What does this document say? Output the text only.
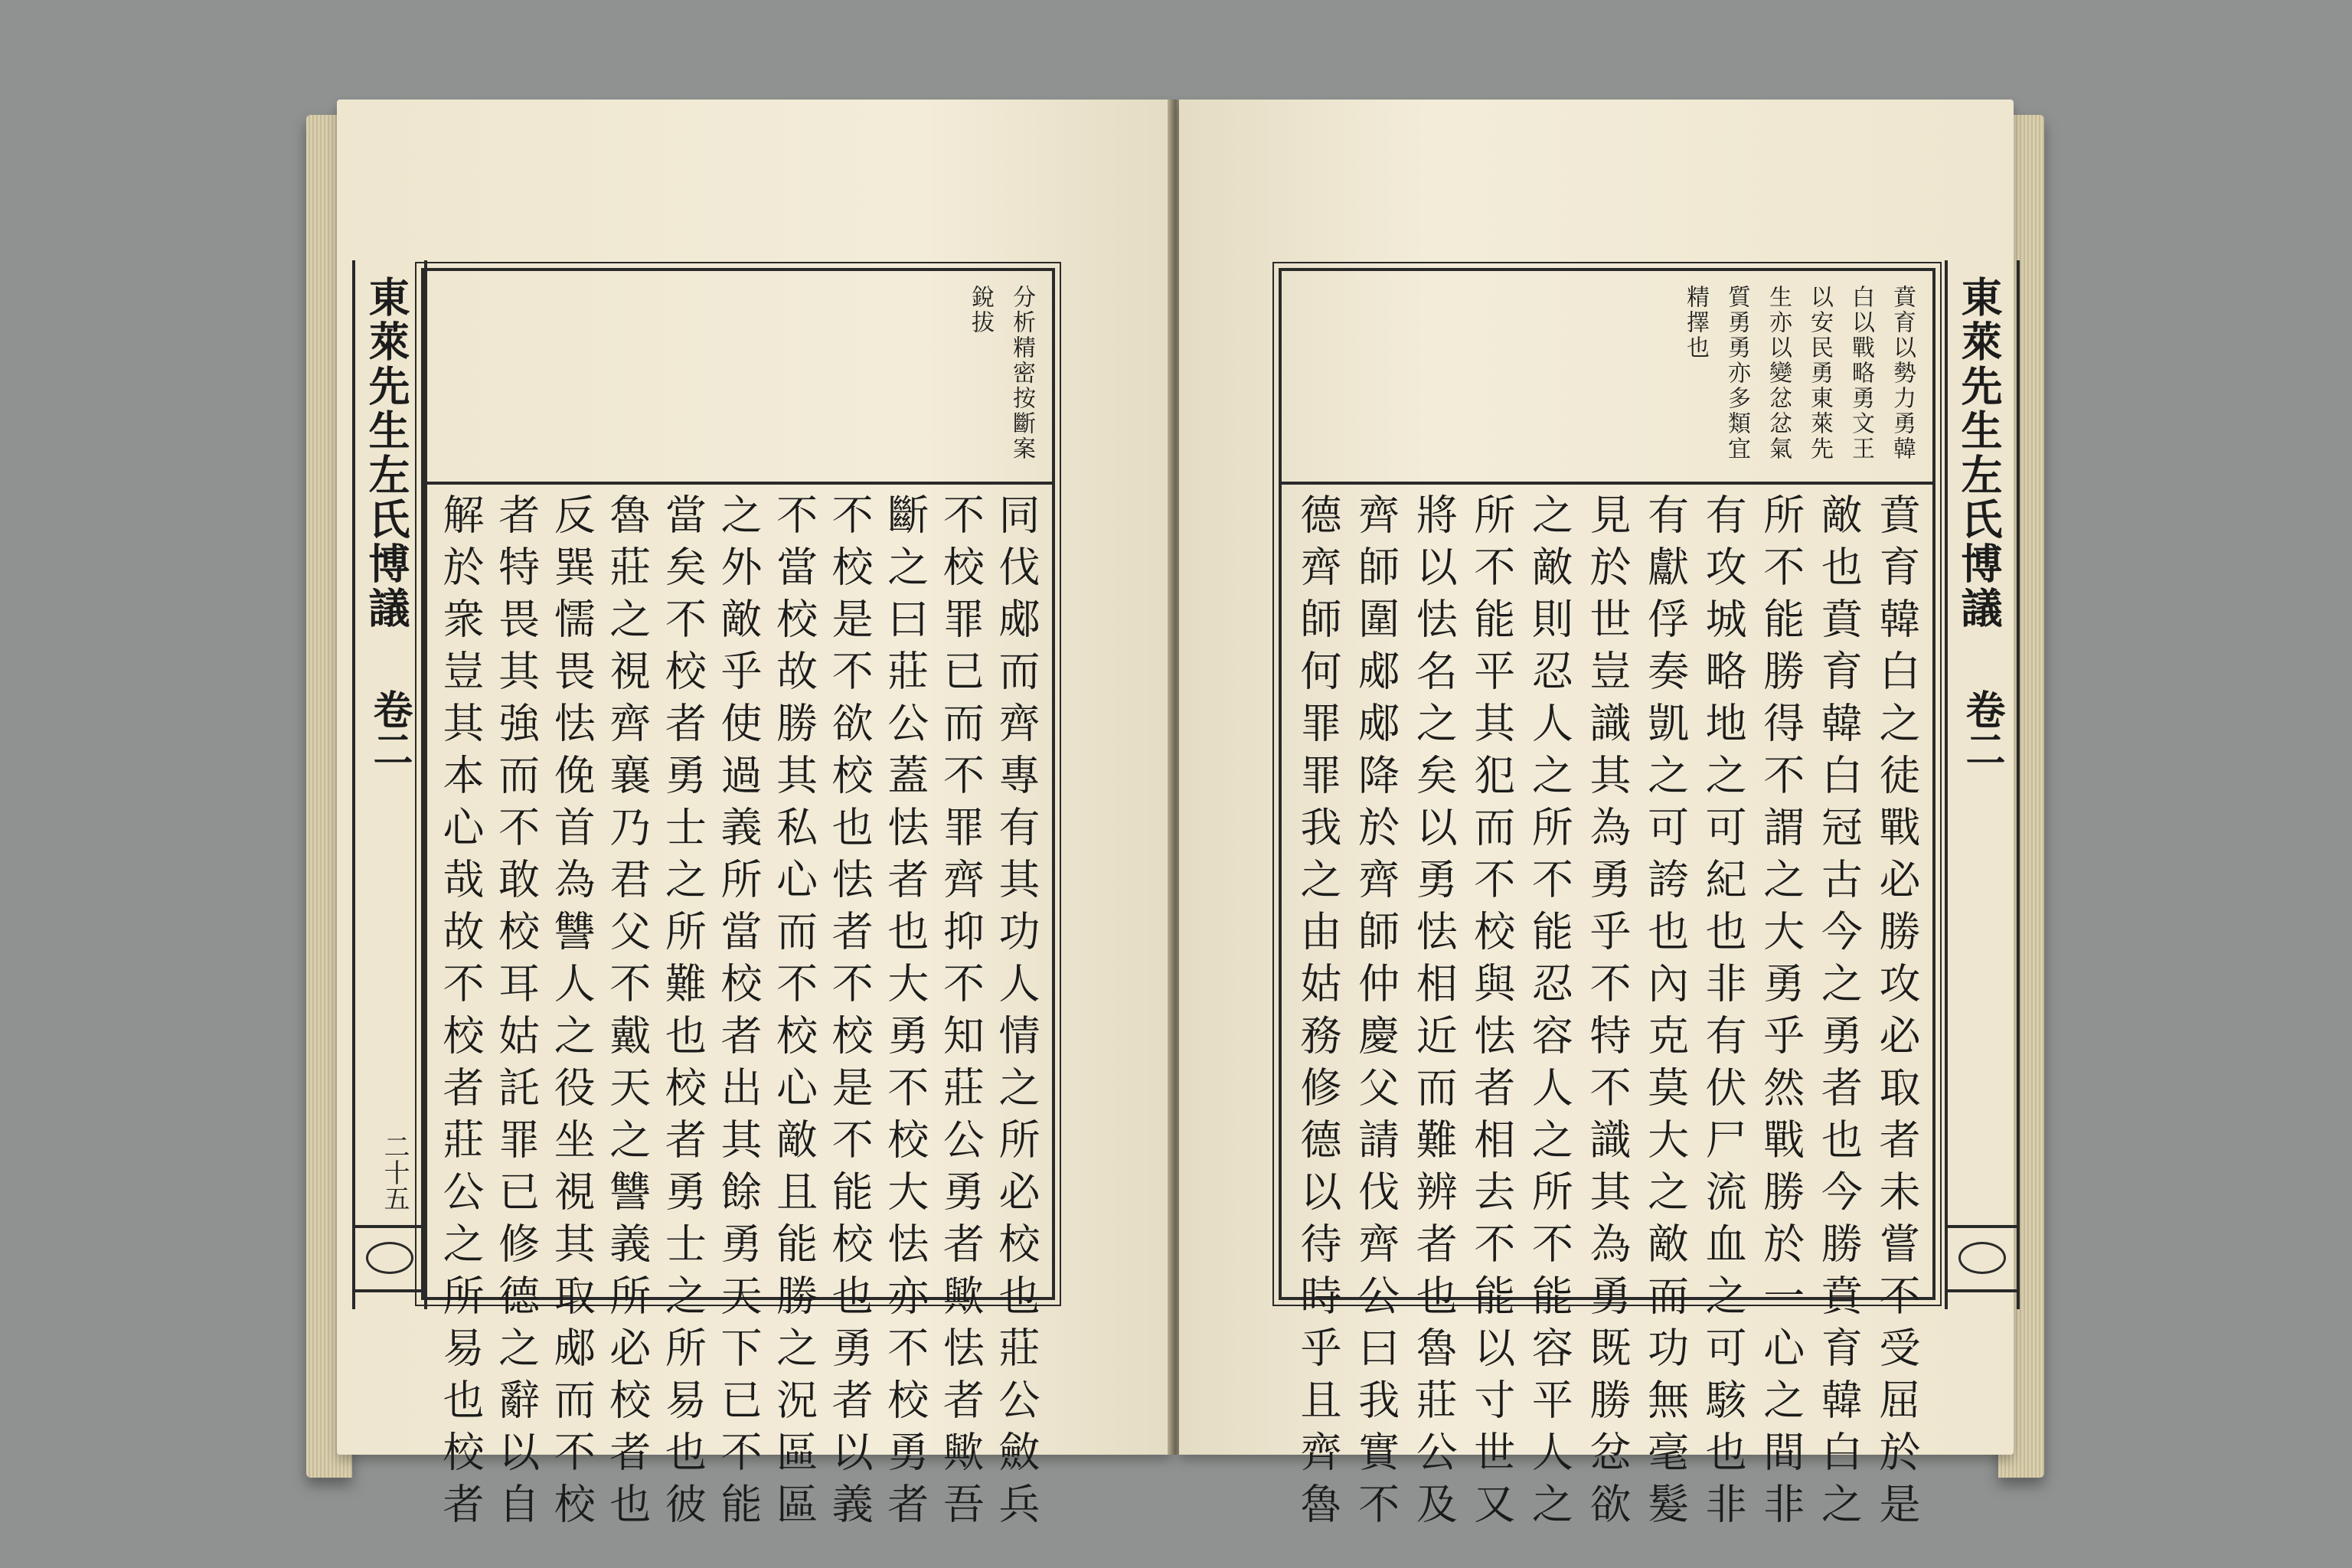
東萊先生左氏博議
卷二
二十五
分析精密按斷案
銳拔
同伐郕而齊專有其功人情之所必校也莊公斂兵
不校罪已而不罪齊抑不知莊公勇者歟怯者歟吾
斷之曰莊公蓋怯者也大勇不校大怯亦不校勇者
不校是不欲校也怯者不校是不能校也勇者以義
不當校故勝其私心而不校心敵且能勝之況區區
之外敵乎使過義所當校者出其餘勇天下已不能
當矣不校者勇士之所難也校者勇士之所易也彼
魯莊之視齊襄乃君父不戴天之讐義所必校者也
反巽懦畏怯俛首為讐人之役坐視其取郕而不校
者特畏其強而不敢校耳姑託罪已修德之辭以自
解於衆豈其本心哉故不校者莊公之所易也校者
賁育以勢力勇韓
白以戰略勇文王
以安民勇東萊先
生亦以變忿忿氣
質勇勇亦多類宜
精擇也
賁育韓白之徒戰必勝攻必取者未嘗不受屈於是
敵也賁育韓白冠古今之勇者也今勝賁育韓白之
所不能勝得不謂之大勇乎然戰勝於一心之間非
有攻城略地之可紀也非有伏尸流血之可駭也非
有獻俘奏凱之可誇也內克莫大之敵而功無毫髮
見於世豈識其為勇乎不特不識其為勇既勝忿欲
之敵則忍人之所不能忍容人之所不能容平人之
所不能平其犯而不校與怯者相去不能以寸世又
將以怯名之矣以勇怯相近而難辨者也魯莊公及
齊師圍郕郕降於齊師仲慶父請伐齊公曰我實不
德齊師何罪罪我之由姑務修德以待時乎且齊魯
東萊先生左氏博議
卷二
